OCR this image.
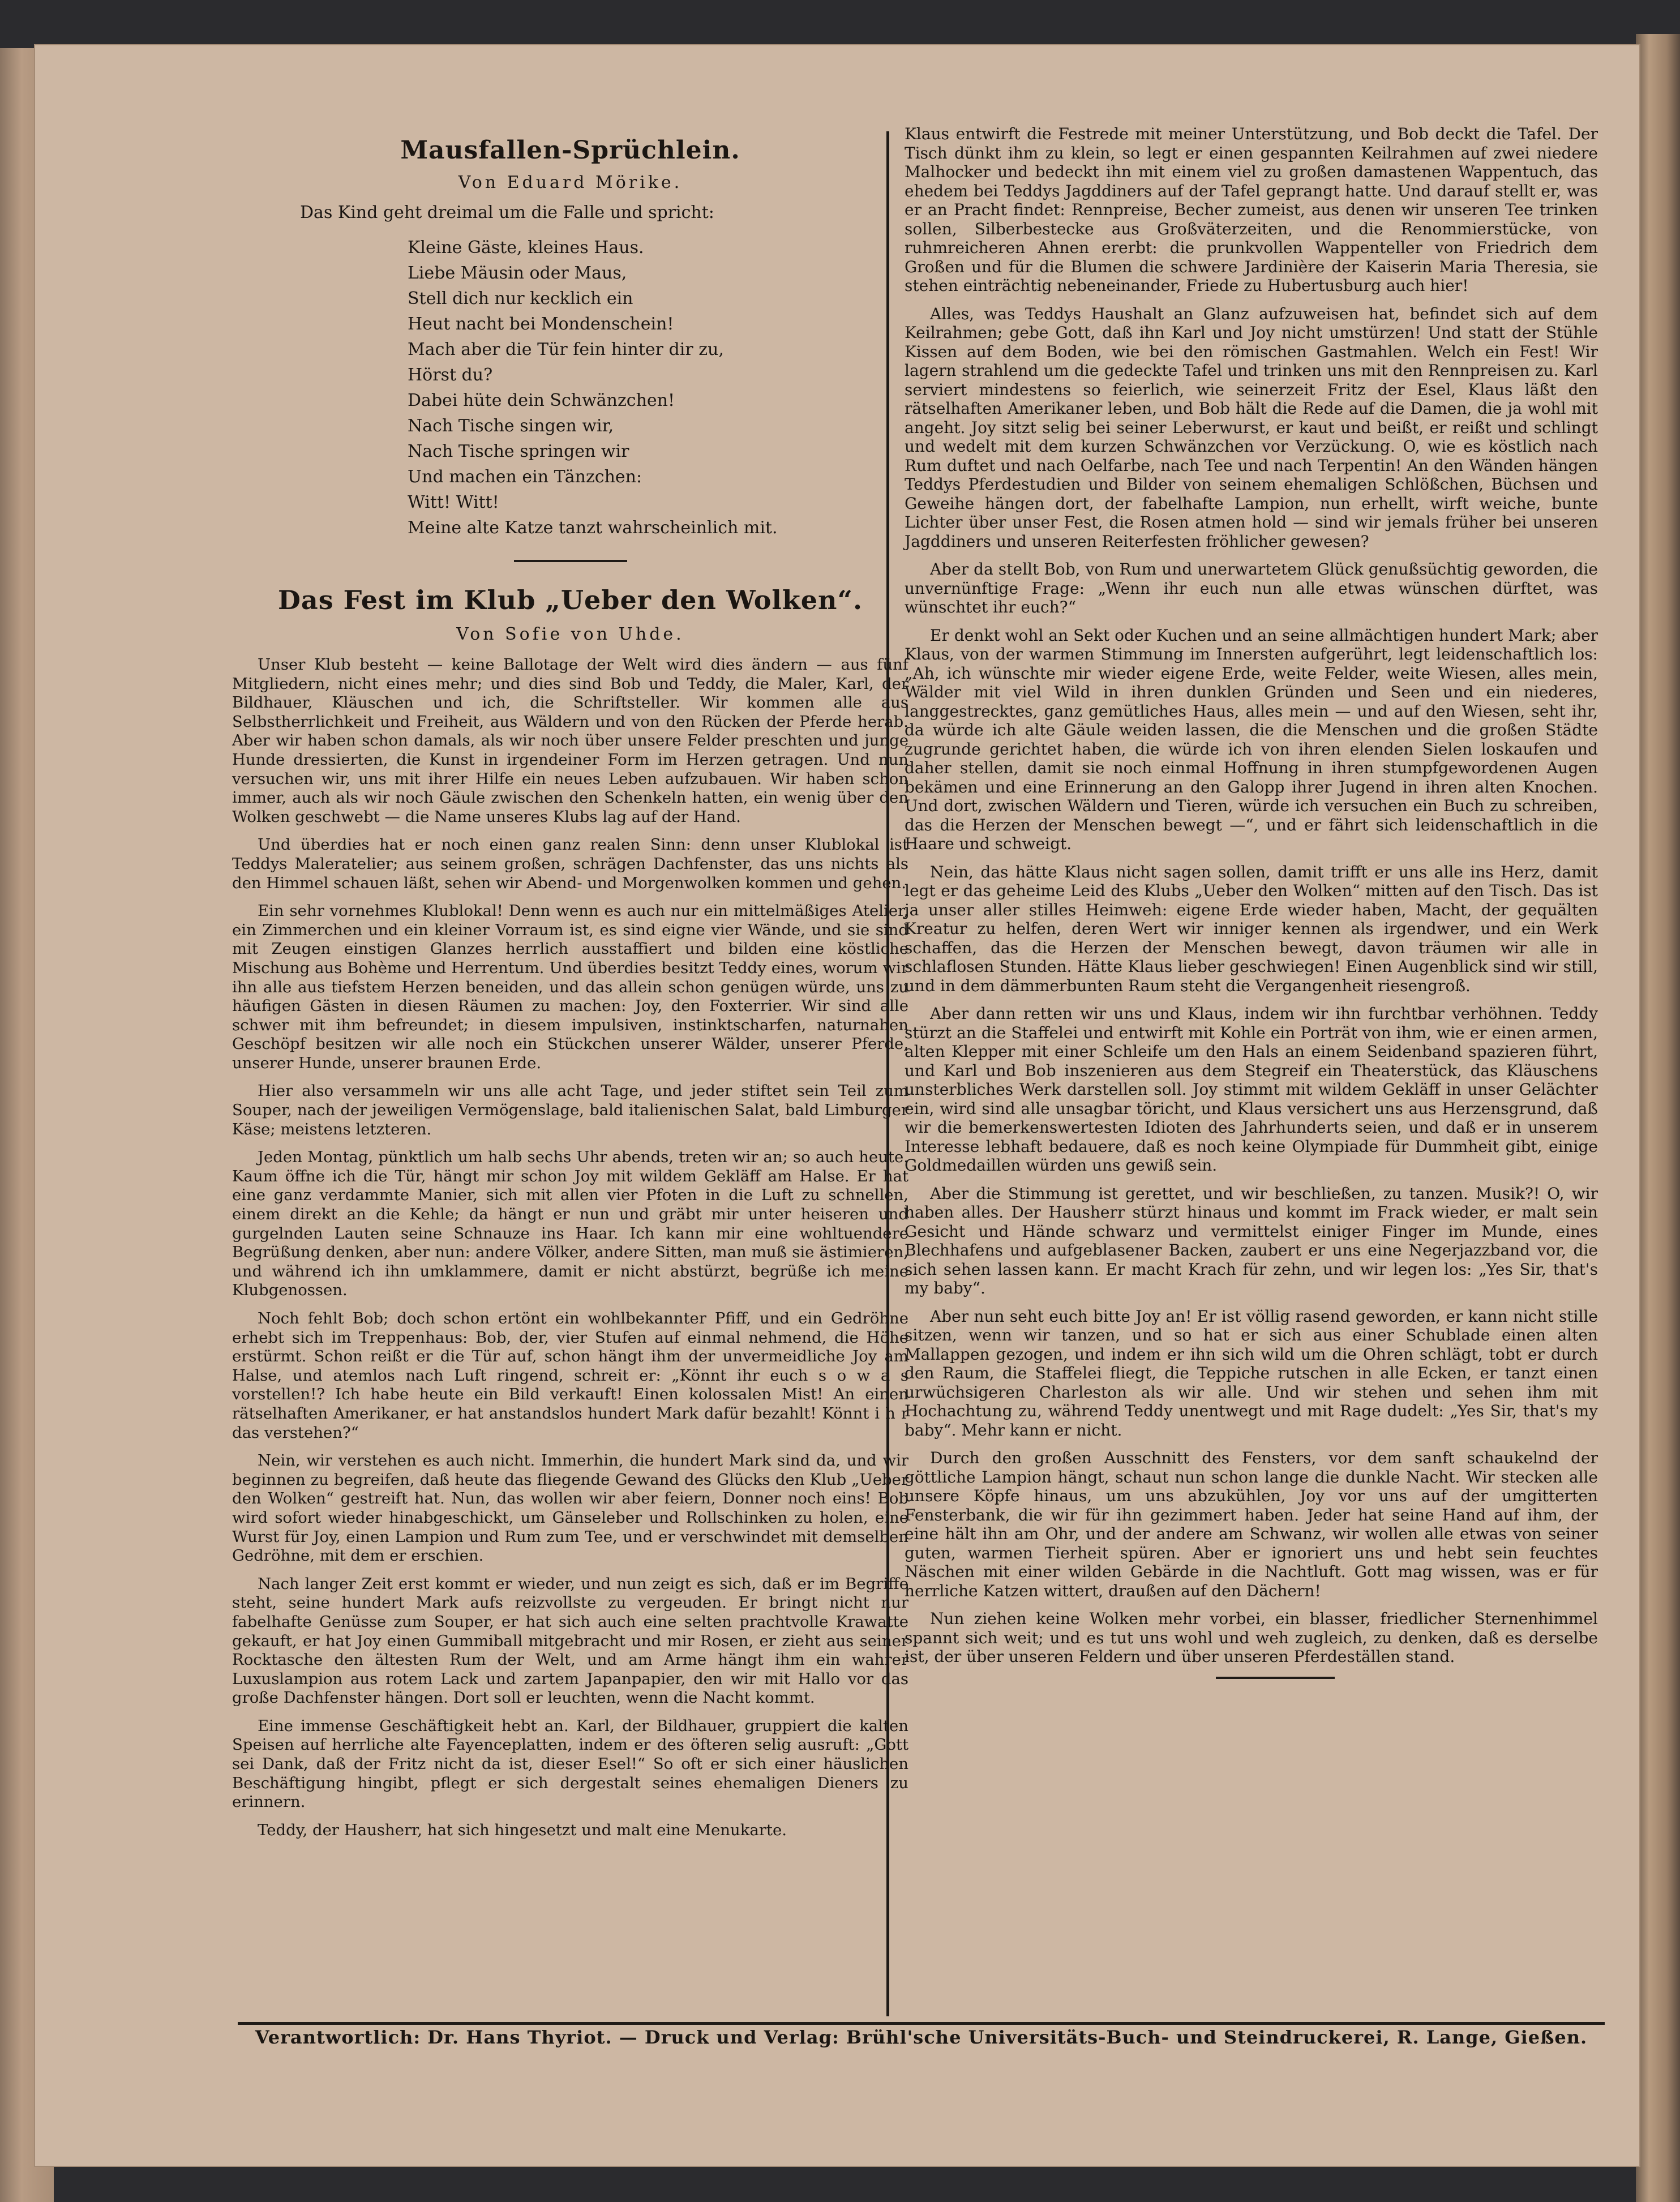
Mausfallen-Sprüchlein.
Von Eduard Mörike.
Das Kind geht dreimal um die Falle und spricht:
Kleine Gäste, kleines Haus.
Liebe Mäusin oder Maus,
Stell dich nur kecklich ein
Heut nacht bei Mondenschein!
Mach aber die Tür fein hinter dir zu,
Hörst du?
Dabei hüte dein Schwänzchen!
Nach Tische singen wir,
Nach Tische springen wir
Und machen ein Tänzchen:
Witt! Witt!
Meine alte Katze tanzt wahrscheinlich mit.
Das Fest im Klub „Ueber den Wolken“.
Von Sofie von Uhde.

Unser Klub besteht — keine Ballotage der Welt wird dies ändern — aus fünf Mitgliedern, nicht eines mehr; und dies sind Bob und Teddy, die Maler, Karl, der Bildhauer, Kläuschen und ich, die Schriftsteller. Wir kommen alle aus Selbstherrlichkeit und Freiheit, aus Wäldern und von den Rücken der Pferde herab. Aber wir haben schon damals, als wir noch über unsere Felder preschten und junge Hunde dressierten, die Kunst in irgendeiner Form im Herzen getragen. Und nun versuchen wir, uns mit ihrer Hilfe ein neues Leben aufzubauen. Wir haben schon immer, auch als wir noch Gäule zwischen den Schenkeln hatten, ein wenig über den Wolken geschwebt — die Name unseres Klubs lag auf der Hand.

Und überdies hat er noch einen ganz realen Sinn: denn unser Klublokal ist Teddys Maleratelier; aus seinem großen, schrägen Dachfenster, das uns nichts als den Himmel schauen läßt, sehen wir Abend- und Morgenwolken kommen und gehen.

Ein sehr vornehmes Klublokal! Denn wenn es auch nur ein mittelmäßiges Atelier, ein Zimmerchen und ein kleiner Vorraum ist, es sind eigne vier Wände, und sie sind mit Zeugen einstigen Glanzes herrlich ausstaffiert und bilden eine köstliche Mischung aus Bohème und Herrentum. Und überdies besitzt Teddy eines, worum wir ihn alle aus tiefstem Herzen beneiden, und das allein schon genügen würde, uns zu häufigen Gästen in diesen Räumen zu machen: Joy, den Foxterrier. Wir sind alle schwer mit ihm befreundet; in diesem impulsiven, instinktscharfen, naturnahen Geschöpf besitzen wir alle noch ein Stückchen unserer Wälder, unserer Pferde, unserer Hunde, unserer braunen Erde.

Hier also versammeln wir uns alle acht Tage, und jeder stiftet sein Teil zum Souper, nach der jeweiligen Vermögenslage, bald italienischen Salat, bald Limburger Käse; meistens letzteren.

Jeden Montag, pünktlich um halb sechs Uhr abends, treten wir an; so auch heute. Kaum öffne ich die Tür, hängt mir schon Joy mit wildem Gekläff am Halse. Er hat eine ganz verdammte Manier, sich mit allen vier Pfoten in die Luft zu schnellen, einem direkt an die Kehle; da hängt er nun und gräbt mir unter heiseren und gurgelnden Lauten seine Schnauze ins Haar. Ich kann mir eine wohltuendere Begrüßung denken, aber nun: andere Völker, andere Sitten, man muß sie ästimieren, und während ich ihn umklammere, damit er nicht abstürzt, begrüße ich meine Klubgenossen.

Noch fehlt Bob; doch schon ertönt ein wohlbekannter Pfiff, und ein Gedröhne erhebt sich im Treppenhaus: Bob, der, vier Stufen auf einmal nehmend, die Höhe erstürmt. Schon reißt er die Tür auf, schon hängt ihm der unvermeidliche Joy am Halse, und atemlos nach Luft ringend, schreit er: „Könnt ihr euch s o w a s vorstellen!? Ich habe heute ein Bild verkauft! Einen kolossalen Mist! An einen rätselhaften Amerikaner, er hat anstandslos hundert Mark dafür bezahlt! Könnt i h r das verstehen?“

Nein, wir verstehen es auch nicht. Immerhin, die hundert Mark sind da, und wir beginnen zu begreifen, daß heute das fliegende Gewand des Glücks den Klub „Ueber den Wolken“ gestreift hat. Nun, das wollen wir aber feiern, Donner noch eins! Bob wird sofort wieder hinabgeschickt, um Gänseleber und Rollschinken zu holen, eine Wurst für Joy, einen Lampion und Rum zum Tee, und er verschwindet mit demselben Gedröhne, mit dem er erschien.

Nach langer Zeit erst kommt er wieder, und nun zeigt es sich, daß er im Begriffe steht, seine hundert Mark aufs reizvollste zu vergeuden. Er bringt nicht nur fabelhafte Genüsse zum Souper, er hat sich auch eine selten prachtvolle Krawatte gekauft, er hat Joy einen Gummiball mitgebracht und mir Rosen, er zieht aus seiner Rocktasche den ältesten Rum der Welt, und am Arme hängt ihm ein wahrer Luxuslampion aus rotem Lack und zartem Japanpapier, den wir mit Hallo vor das große Dachfenster hängen. Dort soll er leuchten, wenn die Nacht kommt.

Eine immense Geschäftigkeit hebt an. Karl, der Bildhauer, gruppiert die kalten Speisen auf herrliche alte Fayenceplatten, indem er des öfteren selig ausruft: „Gott sei Dank, daß der Fritz nicht da ist, dieser Esel!“ So oft er sich einer häuslichen Beschäftigung hingibt, pflegt er sich dergestalt seines ehemaligen Dieners zu erinnern.

Teddy, der Hausherr, hat sich hingesetzt und malt eine Menukarte.

Klaus entwirft die Festrede mit meiner Unterstützung, und Bob deckt die Tafel. Der Tisch dünkt ihm zu klein, so legt er einen gespannten Keilrahmen auf zwei niedere Malhocker und bedeckt ihn mit einem viel zu großen damastenen Wappentuch, das ehedem bei Teddys Jagddiners auf der Tafel geprangt hatte. Und darauf stellt er, was er an Pracht findet: Rennpreise, Becher zumeist, aus denen wir unseren Tee trinken sollen, Silberbestecke aus Großväterzeiten, und die Renommierstücke, von ruhmreicheren Ahnen ererbt: die prunkvollen Wappenteller von Friedrich dem Großen und für die Blumen die schwere Jardinière der Kaiserin Maria Theresia, sie stehen einträchtig nebeneinander, Friede zu Hubertusburg auch hier!

Alles, was Teddys Haushalt an Glanz aufzuweisen hat, befindet sich auf dem Keilrahmen; gebe Gott, daß ihn Karl und Joy nicht umstürzen! Und statt der Stühle Kissen auf dem Boden, wie bei den römischen Gastmahlen. Welch ein Fest! Wir lagern strahlend um die gedeckte Tafel und trinken uns mit den Rennpreisen zu. Karl serviert mindestens so feierlich, wie seinerzeit Fritz der Esel, Klaus läßt den rätselhaften Amerikaner leben, und Bob hält die Rede auf die Damen, die ja wohl mit angeht. Joy sitzt selig bei seiner Leberwurst, er kaut und beißt, er reißt und schlingt und wedelt mit dem kurzen Schwänzchen vor Verzückung. O, wie es köstlich nach Rum duftet und nach Oelfarbe, nach Tee und nach Terpentin! An den Wänden hängen Teddys Pferdestudien und Bilder von seinem ehemaligen Schlößchen, Büchsen und Geweihe hängen dort, der fabelhafte Lampion, nun erhellt, wirft weiche, bunte Lichter über unser Fest, die Rosen atmen hold — sind wir jemals früher bei unseren Jagddiners und unseren Reiterfesten fröhlicher gewesen?

Aber da stellt Bob, von Rum und unerwartetem Glück genußsüchtig geworden, die unvernünftige Frage: „Wenn ihr euch nun alle etwas wünschen dürftet, was wünschtet ihr euch?“

Er denkt wohl an Sekt oder Kuchen und an seine allmächtigen hundert Mark; aber Klaus, von der warmen Stimmung im Innersten aufgerührt, legt leidenschaftlich los: „Ah, ich wünschte mir wieder eigene Erde, weite Felder, weite Wiesen, alles mein, Wälder mit viel Wild in ihren dunklen Gründen und Seen und ein niederes, langgestrecktes, ganz gemütliches Haus, alles mein — und auf den Wiesen, seht ihr, da würde ich alte Gäule weiden lassen, die die Menschen und die großen Städte zugrunde gerichtet haben, die würde ich von ihren elenden Sielen loskaufen und daher stellen, damit sie noch einmal Hoffnung in ihren stumpfgewordenen Augen bekämen und eine Erinnerung an den Galopp ihrer Jugend in ihren alten Knochen. Und dort, zwischen Wäldern und Tieren, würde ich versuchen ein Buch zu schreiben, das die Herzen der Menschen bewegt —“, und er fährt sich leidenschaftlich in die Haare und schweigt.

Nein, das hätte Klaus nicht sagen sollen, damit trifft er uns alle ins Herz, damit legt er das geheime Leid des Klubs „Ueber den Wolken“ mitten auf den Tisch. Das ist ja unser aller stilles Heimweh: eigene Erde wieder haben, Macht, der gequälten Kreatur zu helfen, deren Wert wir inniger kennen als irgendwer, und ein Werk schaffen, das die Herzen der Menschen bewegt, davon träumen wir alle in schlaflosen Stunden. Hätte Klaus lieber geschwiegen! Einen Augenblick sind wir still, und in dem dämmerbunten Raum steht die Vergangenheit riesengroß.

Aber dann retten wir uns und Klaus, indem wir ihn furchtbar verhöhnen. Teddy stürzt an die Staffelei und entwirft mit Kohle ein Porträt von ihm, wie er einen armen, alten Klepper mit einer Schleife um den Hals an einem Seidenband spazieren führt, und Karl und Bob inszenieren aus dem Stegreif ein Theaterstück, das Kläuschens unsterbliches Werk darstellen soll. Joy stimmt mit wildem Gekläff in unser Gelächter ein, wird sind alle unsagbar töricht, und Klaus versichert uns aus Herzensgrund, daß wir die bemerkenswertesten Idioten des Jahrhunderts seien, und daß er in unserem Interesse lebhaft bedauere, daß es noch keine Olympiade für Dummheit gibt, einige Goldmedaillen würden uns gewiß sein.

Aber die Stimmung ist gerettet, und wir beschließen, zu tanzen. Musik?! O, wir haben alles. Der Hausherr stürzt hinaus und kommt im Frack wieder, er malt sein Gesicht und Hände schwarz und vermittelst einiger Finger im Munde, eines Blechhafens und aufgeblasener Backen, zaubert er uns eine Negerjazzband vor, die sich sehen lassen kann. Er macht Krach für zehn, und wir legen los: „Yes Sir, that's my baby“.

Aber nun seht euch bitte Joy an! Er ist völlig rasend geworden, er kann nicht stille sitzen, wenn wir tanzen, und so hat er sich aus einer Schublade einen alten Mallappen gezogen, und indem er ihn sich wild um die Ohren schlägt, tobt er durch den Raum, die Staffelei fliegt, die Teppiche rutschen in alle Ecken, er tanzt einen urwüchsigeren Charleston als wir alle. Und wir stehen und sehen ihm mit Hochachtung zu, während Teddy unentwegt und mit Rage dudelt: „Yes Sir, that's my baby“. Mehr kann er nicht.

Durch den großen Ausschnitt des Fensters, vor dem sanft schaukelnd der göttliche Lampion hängt, schaut nun schon lange die dunkle Nacht. Wir stecken alle unsere Köpfe hinaus, um uns abzukühlen, Joy vor uns auf der umgitterten Fensterbank, die wir für ihn gezimmert haben. Jeder hat seine Hand auf ihm, der eine hält ihn am Ohr, und der andere am Schwanz, wir wollen alle etwas von seiner guten, warmen Tierheit spüren. Aber er ignoriert uns und hebt sein feuchtes Näschen mit einer wilden Gebärde in die Nachtluft. Gott mag wissen, was er für herrliche Katzen wittert, draußen auf den Dächern!

Nun ziehen keine Wolken mehr vorbei, ein blasser, friedlicher Sternenhimmel spannt sich weit; und es tut uns wohl und weh zugleich, zu denken, daß es derselbe ist, der über unseren Feldern und über unseren Pferdeställen stand.

Verantwortlich: Dr. Hans Thyriot. — Druck und Verlag: Brühl'sche Universitäts-Buch- und Steindruckerei, R. Lange, Gießen.
